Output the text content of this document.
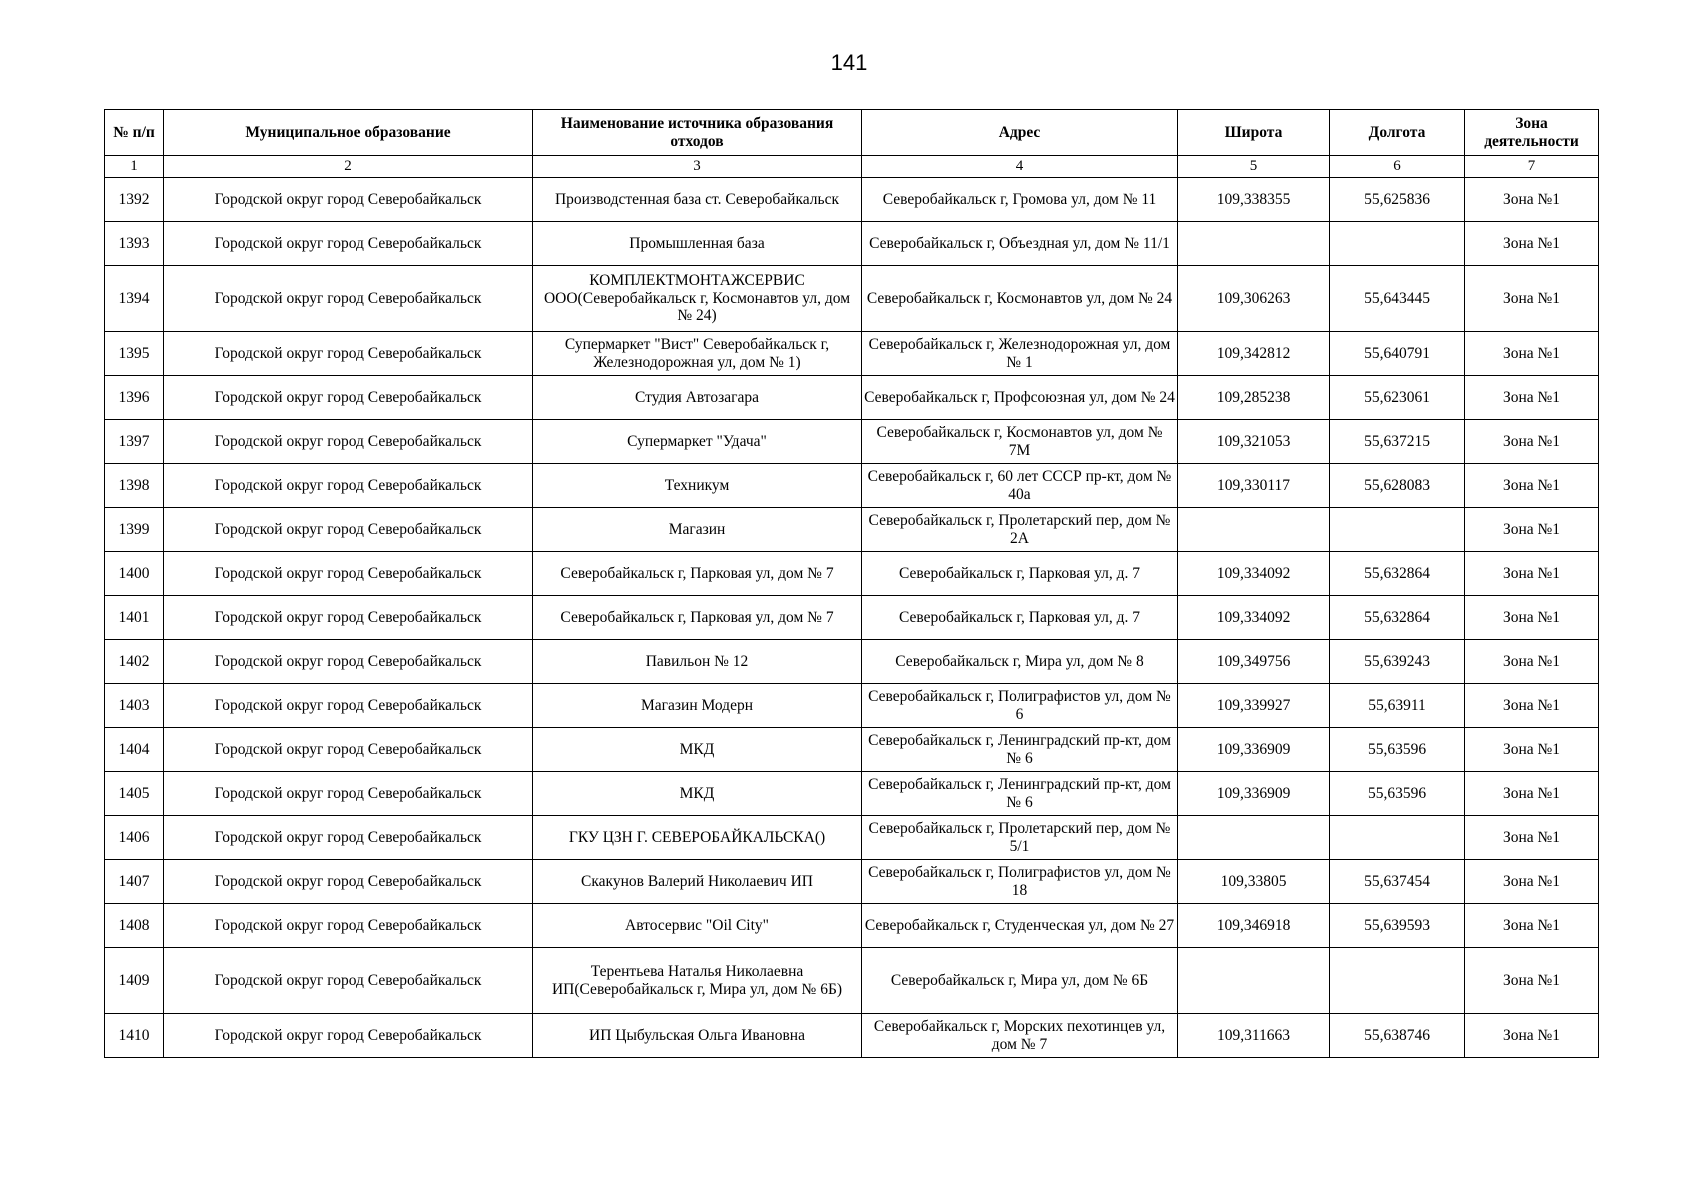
141
№ п/п	Муниципальное образование	Наименование источника образования отходов	Адрес	Широта	Долгота	Зона деятельности
1	2	3	4	5	6	7
1392	Городской округ город Северобайкальск	Производстенная база ст. Северобайкальск	Северобайкальск г, Громова ул, дом № 11	109,338355	55,625836	Зона №1
1393	Городской округ город Северобайкальск	Промышленная база	Северобайкальск г, Объездная ул, дом № 11/1			Зона №1
1394	Городской округ город Северобайкальск	КОМПЛЕКТМОНТАЖСЕРВИС ООО(Северобайкальск г, Космонавтов ул, дом № 24)	Северобайкальск г, Космонавтов ул, дом № 24	109,306263	55,643445	Зона №1
1395	Городской округ город Северобайкальск	Супермаркет "Вист" Северобайкальск г, Железнодорожная ул, дом № 1)	Северобайкальск г, Железнодорожная ул, дом № 1	109,342812	55,640791	Зона №1
1396	Городской округ город Северобайкальск	Студия Автозагара	Северобайкальск г, Профсоюзная ул, дом № 24	109,285238	55,623061	Зона №1
1397	Городской округ город Северобайкальск	Супермаркет "Удача"	Северобайкальск г, Космонавтов ул, дом № 7М	109,321053	55,637215	Зона №1
1398	Городской округ город Северобайкальск	Техникум	Северобайкальск г, 60 лет СССР пр-кт, дом № 40а	109,330117	55,628083	Зона №1
1399	Городской округ город Северобайкальск	Магазин	Северобайкальск г, Пролетарский пер, дом № 2А			Зона №1
1400	Городской округ город Северобайкальск	Северобайкальск г, Парковая ул, дом № 7	Северобайкальск г, Парковая ул, д. 7	109,334092	55,632864	Зона №1
1401	Городской округ город Северобайкальск	Северобайкальск г, Парковая ул, дом № 7	Северобайкальск г, Парковая ул, д. 7	109,334092	55,632864	Зона №1
1402	Городской округ город Северобайкальск	Павильон № 12	Северобайкальск г, Мира ул, дом № 8	109,349756	55,639243	Зона №1
1403	Городской округ город Северобайкальск	Магазин Модерн	Северобайкальск г, Полиграфистов ул, дом № 6	109,339927	55,63911	Зона №1
1404	Городской округ город Северобайкальск	МКД	Северобайкальск г, Ленинградский пр-кт, дом № 6	109,336909	55,63596	Зона №1
1405	Городской округ город Северобайкальск	МКД	Северобайкальск г, Ленинградский пр-кт, дом № 6	109,336909	55,63596	Зона №1
1406	Городской округ город Северобайкальск	ГКУ ЦЗН Г. СЕВЕРОБАЙКАЛЬСКА()	Северобайкальск г, Пролетарский пер, дом № 5/1			Зона №1
1407	Городской округ город Северобайкальск	Скакунов Валерий Николаевич ИП	Северобайкальск г, Полиграфистов ул, дом № 18	109,33805	55,637454	Зона №1
1408	Городской округ город Северобайкальск	Автосервис "Oil City"	Северобайкальск г, Студенческая ул, дом № 27	109,346918	55,639593	Зона №1
1409	Городской округ город Северобайкальск	Терентьева Наталья Николаевна ИП(Северобайкальск г, Мира ул, дом № 6Б)	Северобайкальск г, Мира ул, дом № 6Б			Зона №1
1410	Городской округ город Северобайкальск	ИП Цыбульская Ольга Ивановна	Северобайкальск г, Морских пехотинцев ул, дом № 7	109,311663	55,638746	Зона №1
